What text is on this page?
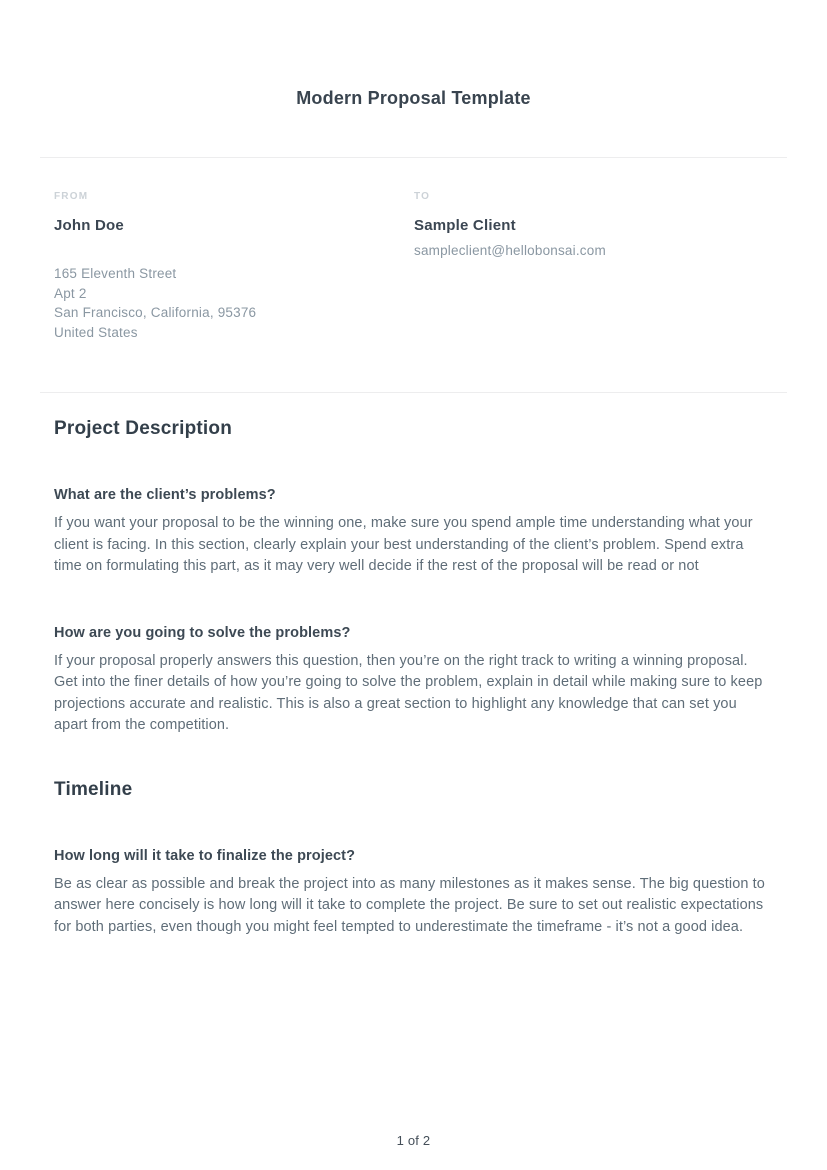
Modern Proposal Template
FROM
John Doe
165 Eleventh Street
Apt 2
San Francisco, California, 95376
United States
TO
Sample Client
sampleclient@hellobonsai.com
Project Description
What are the client’s problems?

If you want your proposal to be the winning one, make sure you spend ample time understanding what your client is facing. In this section, clearly explain your best understanding of the client’s problem. Spend extra time on formulating this part, as it may very well decide if the rest of the proposal will be read or not

How are you going to solve the problems?

If your proposal properly answers this question, then you’re on the right track to writing a winning proposal. Get into the finer details of how you’re going to solve the problem, explain in detail while making sure to keep projections accurate and realistic. This is also a great section to highlight any knowledge that can set you apart from the competition.

Timeline
How long will it take to finalize the project?

Be as clear as possible and break the project into as many milestones as it makes sense. The big question to answer here concisely is how long will it take to complete the project. Be sure to set out realistic expectations for both parties, even though you might feel tempted to underestimate the timeframe - it’s not a good idea.

1 of 2
